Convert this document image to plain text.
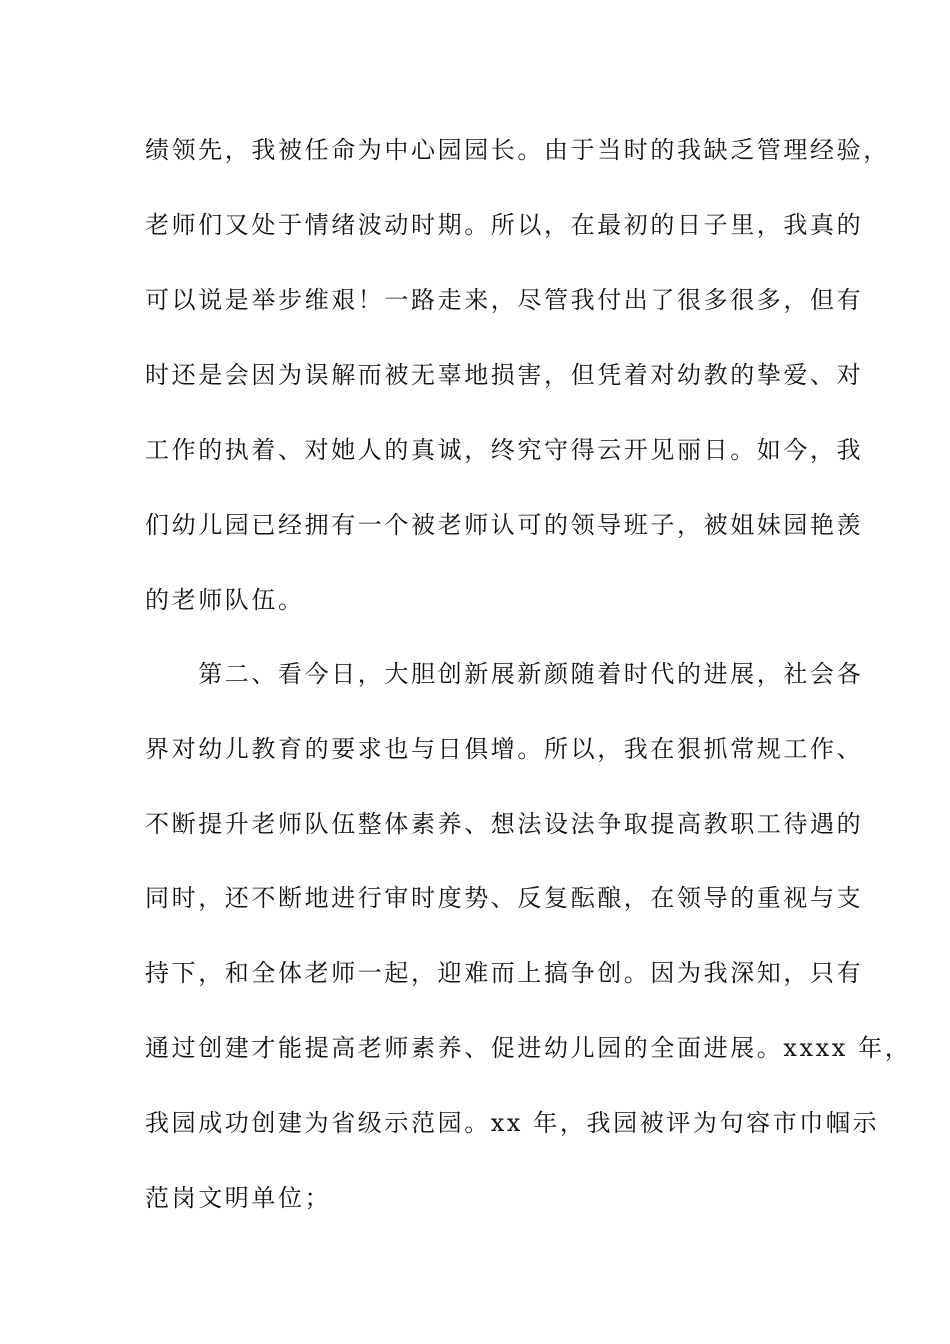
绩领先，我被任命为中心园园长。由于当时的我缺乏管理经验，
老师们又处于情绪波动时期。所以，在最初的日子里，我真的
可以说是举步维艰！一路走来，尽管我付出了很多很多，但有
时还是会因为误解而被无辜地损害，但凭着对幼教的挚爱、对
工作的执着、对她人的真诚，终究守得云开见丽日。如今，我
们幼儿园已经拥有一个被老师认可的领导班子，被姐妹园艳羡
的老师队伍。
　　第二、看今日，大胆创新展新颜随着时代的进展，社会各
界对幼儿教育的要求也与日俱增。所以，我在狠抓常规工作、
不断提升老师队伍整体素养、想法设法争取提高教职工待遇的
同时，还不断地进行审时度势、反复酝酿，在领导的重视与支
持下，和全体老师一起，迎难而上搞争创。因为我深知，只有
通过创建才能提高老师素养、促进幼儿园的全面进展。xxxx 年，
我园成功创建为省级示范园。xx 年，我园被评为句容市巾帼示
范岗文明单位；
